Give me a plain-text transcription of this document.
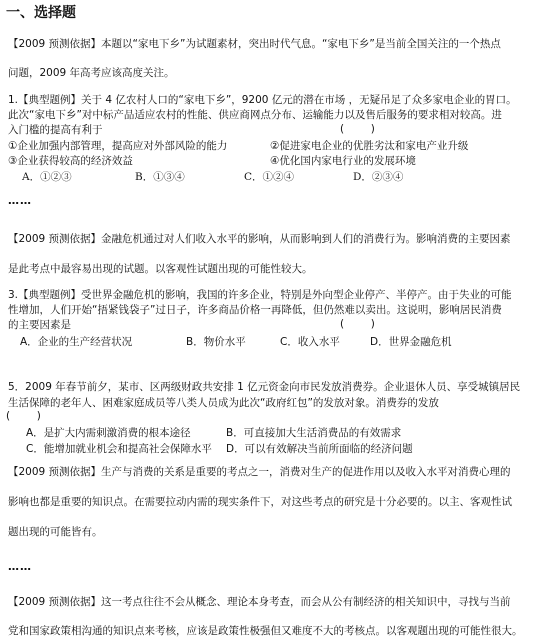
一、选择题
【2009 预测依据】本题以“家电下乡”为试题素材，突出时代气息。“家电下乡”是当前全国关注的一个热点
问题，2009 年高考应该高度关注。
1.【典型题例】关于 4 亿农村人口的“家电下乡”，9200 亿元的潜在市场 ，无疑吊足了众多家电企业的胃口。
此次“家电下乡”对中标产品适应农村的性能、供应商网点分布、运输能力以及售后服务的要求相对较高。进
入门槛的提高有利于	(        )
①企业加强内部管理，提高应对外部风险的能力	②促进家电企业的优胜劣汰和家电产业升级
③企业获得较高的经济效益	④优化国内家电行业的发展环境
A．①②③	B．①③④	C．①②④	D．②③④
……
【2009 预测依据】金融危机通过对人们收入水平的影响，从而影响到人们的消费行为。影响消费的主要因素
是此考点中最容易出现的试题。以客观性试题出现的可能性较大。
3.【典型题例】受世界金融危机的影响，我国的许多企业，特别是外向型企业停产、半停产。由于失业的可能
性增加，人们开始“捂紧钱袋子”过日子，许多商品价格一再降低，但仍然难以卖出。这说明，影响居民消费
的主要因素是	(        )
A．企业的生产经营状况	B．物价水平	C．收入水平	D．世界金融危机
5．2009 年春节前夕，某市、区两级财政共安排 1 亿元资金向市民发放消费券。企业退休人员、享受城镇居民
生活保障的老年人、困难家庭成员等八类人员成为此次“政府红包”的发放对象。消费券的发放
(        )
A．是扩大内需刺激消费的根本途径	B．可直接加大生活消费品的有效需求
C．能增加就业机会和提高社会保障水平 D．可以有效解决当前所面临的经济问题
【2009 预测依据】生产与消费的关系是重要的考点之一，消费对生产的促进作用以及收入水平对消费心理的
影响也都是重要的知识点。在需要拉动内需的现实条件下，对这些考点的研究是十分必要的。以主、客观性试
题出现的可能皆有。
……
【2009 预测依据】这一考点往往不会从概念、理论本身考查，而会从公有制经济的相关知识中，寻找与当前
党和国家政策相沟通的知识点来考核，应该是政策性极强但又难度不大的考核点。以客观题出现的可能性很大。
